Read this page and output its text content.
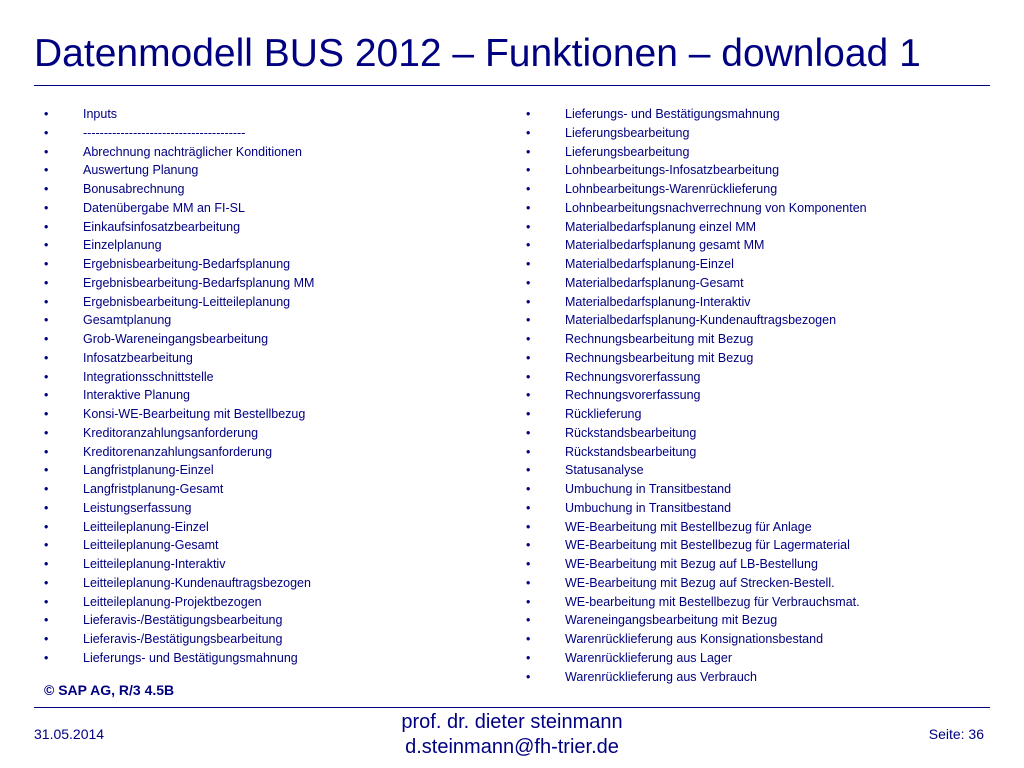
Datenmodell BUS 2012 – Funktionen – download 1
•	Inputs
•	---------------------------------------
•	Abrechnung nachträglicher Konditionen
•	Auswertung Planung
•	Bonusabrechnung
•	Datenübergabe MM an FI-SL
•	Einkaufsinfosatzbearbeitung
•	Einzelplanung
•	Ergebnisbearbeitung-Bedarfsplanung
•	Ergebnisbearbeitung-Bedarfsplanung MM
•	Ergebnisbearbeitung-Leitteileplanung
•	Gesamtplanung
•	Grob-Wareneingangsbearbeitung
•	Infosatzbearbeitung
•	Integrationsschnittstelle
•	Interaktive Planung
•	Konsi-WE-Bearbeitung mit Bestellbezug
•	Kreditoranzahlungsanforderung
•	Kreditorenanzahlungsanforderung
•	Langfristplanung-Einzel
•	Langfristplanung-Gesamt
•	Leistungserfassung
•	Leitteileplanung-Einzel
•	Leitteileplanung-Gesamt
•	Leitteileplanung-Interaktiv
•	Leitteileplanung-Kundenauftragsbezogen
•	Leitteileplanung-Projektbezogen
•	Lieferavis-/Bestätigungsbearbeitung
•	Lieferavis-/Bestätigungsbearbeitung
•	Lieferungs- und Bestätigungsmahnung
•	Lieferungs- und Bestätigungsmahnung
•	Lieferungsbearbeitung
•	Lieferungsbearbeitung
•	Lohnbearbeitungs-Infosatzbearbeitung
•	Lohnbearbeitungs-Warenrücklieferung
•	Lohnbearbeitungsnachverrechnung von Komponenten
•	Materialbedarfsplanung einzel MM
•	Materialbedarfsplanung gesamt MM
•	Materialbedarfsplanung-Einzel
•	Materialbedarfsplanung-Gesamt
•	Materialbedarfsplanung-Interaktiv
•	Materialbedarfsplanung-Kundenauftragsbezogen
•	Rechnungsbearbeitung mit Bezug
•	Rechnungsbearbeitung mit Bezug
•	Rechnungsvorerfassung
•	Rechnungsvorerfassung
•	Rücklieferung
•	Rückstandsbearbeitung
•	Rückstandsbearbeitung
•	Statusanalyse
•	Umbuchung in Transitbestand
•	Umbuchung in Transitbestand
•	WE-Bearbeitung mit Bestellbezug für Anlage
•	WE-Bearbeitung mit Bestellbezug für Lagermaterial
•	WE-Bearbeitung mit Bezug auf LB-Bestellung
•	WE-Bearbeitung mit Bezug auf Strecken-Bestell.
•	WE-bearbeitung mit Bestellbezug für Verbrauchsmat.
•	Wareneingangsbearbeitung mit Bezug
•	Warenrücklieferung aus Konsignationsbestand
•	Warenrücklieferung aus Lager
•	Warenrücklieferung aus Verbrauch
© SAP AG, R/3 4.5B
31.05.2014
prof. dr. dieter steinmann
d.steinmann@fh-trier.de
Seite: 36
